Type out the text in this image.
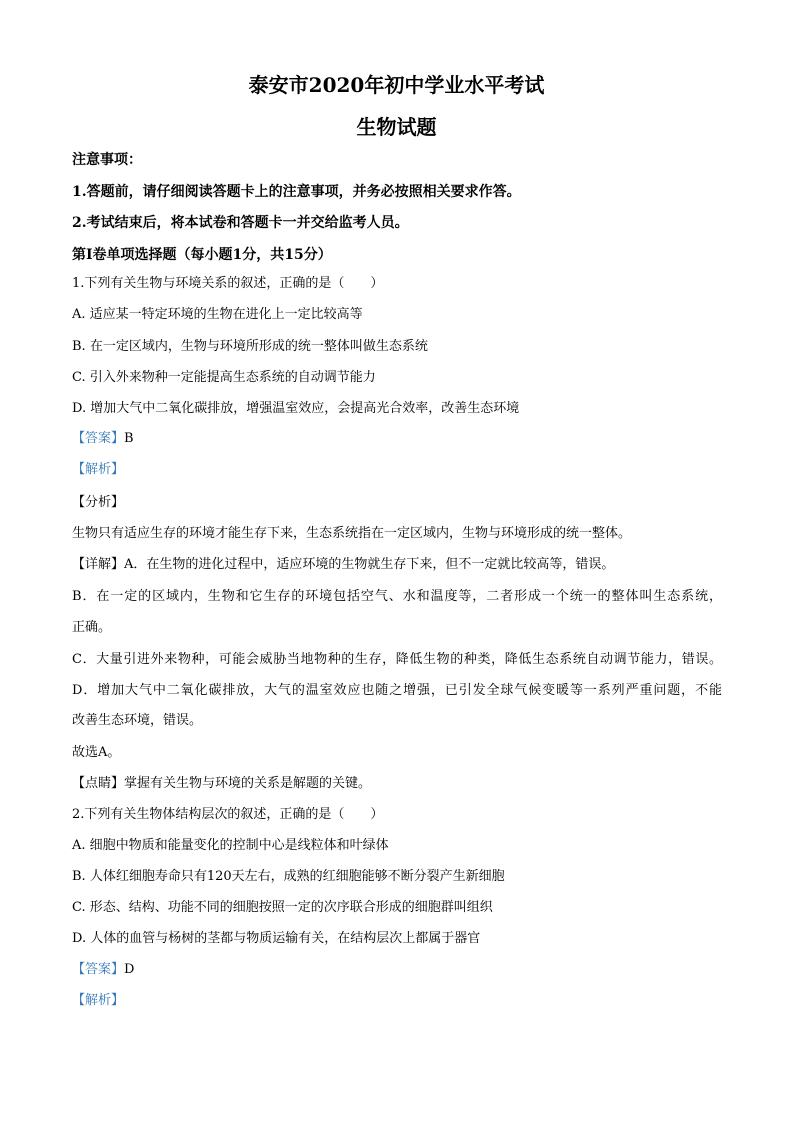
泰安市2020年初中学业水平考试
生物试题
注意事项：
1.答题前，请仔细阅读答题卡上的注意事项，并务必按照相关要求作答。
2.考试结束后，将本试卷和答题卡一并交给监考人员。
第Ⅰ卷单项选择题（每小题1分，共15分）
1.下列有关生物与环境关系的叙述，正确的是（　　）
A. 适应某一特定环境的生物在进化上一定比较高等
B. 在一定区域内，生物与环境所形成的统一整体叫做生态系统
C. 引入外来物种一定能提高生态系统的自动调节能力
D. 增加大气中二氧化碳排放，增强温室效应，会提高光合效率，改善生态环境
【答案】B
【解析】
【分析】
生物只有适应生存的环境才能生存下来，生态系统指在一定区域内，生物与环境形成的统一整体。
【详解】A．在生物的进化过程中，适应环境的生物就生存下来，但不一定就比较高等，错误。
B．在一定的区域内，生物和它生存的环境包括空气、水和温度等，二者形成一个统一的整体叫生态系统，
正确。
C．大量引进外来物种，可能会威胁当地物种的生存，降低生物的种类，降低生态系统自动调节能力，错误。
D．增加大气中二氧化碳排放，大气的温室效应也随之增强，已引发全球气候变暖等一系列严重问题，不能
改善生态环境，错误。
故选A。
【点睛】掌握有关生物与环境的关系是解题的关键。
2.下列有关生物体结构层次的叙述，正确的是（　　）
A. 细胞中物质和能量变化的控制中心是线粒体和叶绿体
B. 人体红细胞寿命只有120天左右，成熟的红细胞能够不断分裂产生新细胞
C. 形态、结构、功能不同的细胞按照一定的次序联合形成的细胞群叫组织
D. 人体的血管与杨树的茎都与物质运输有关，在结构层次上都属于器官
【答案】D
【解析】
